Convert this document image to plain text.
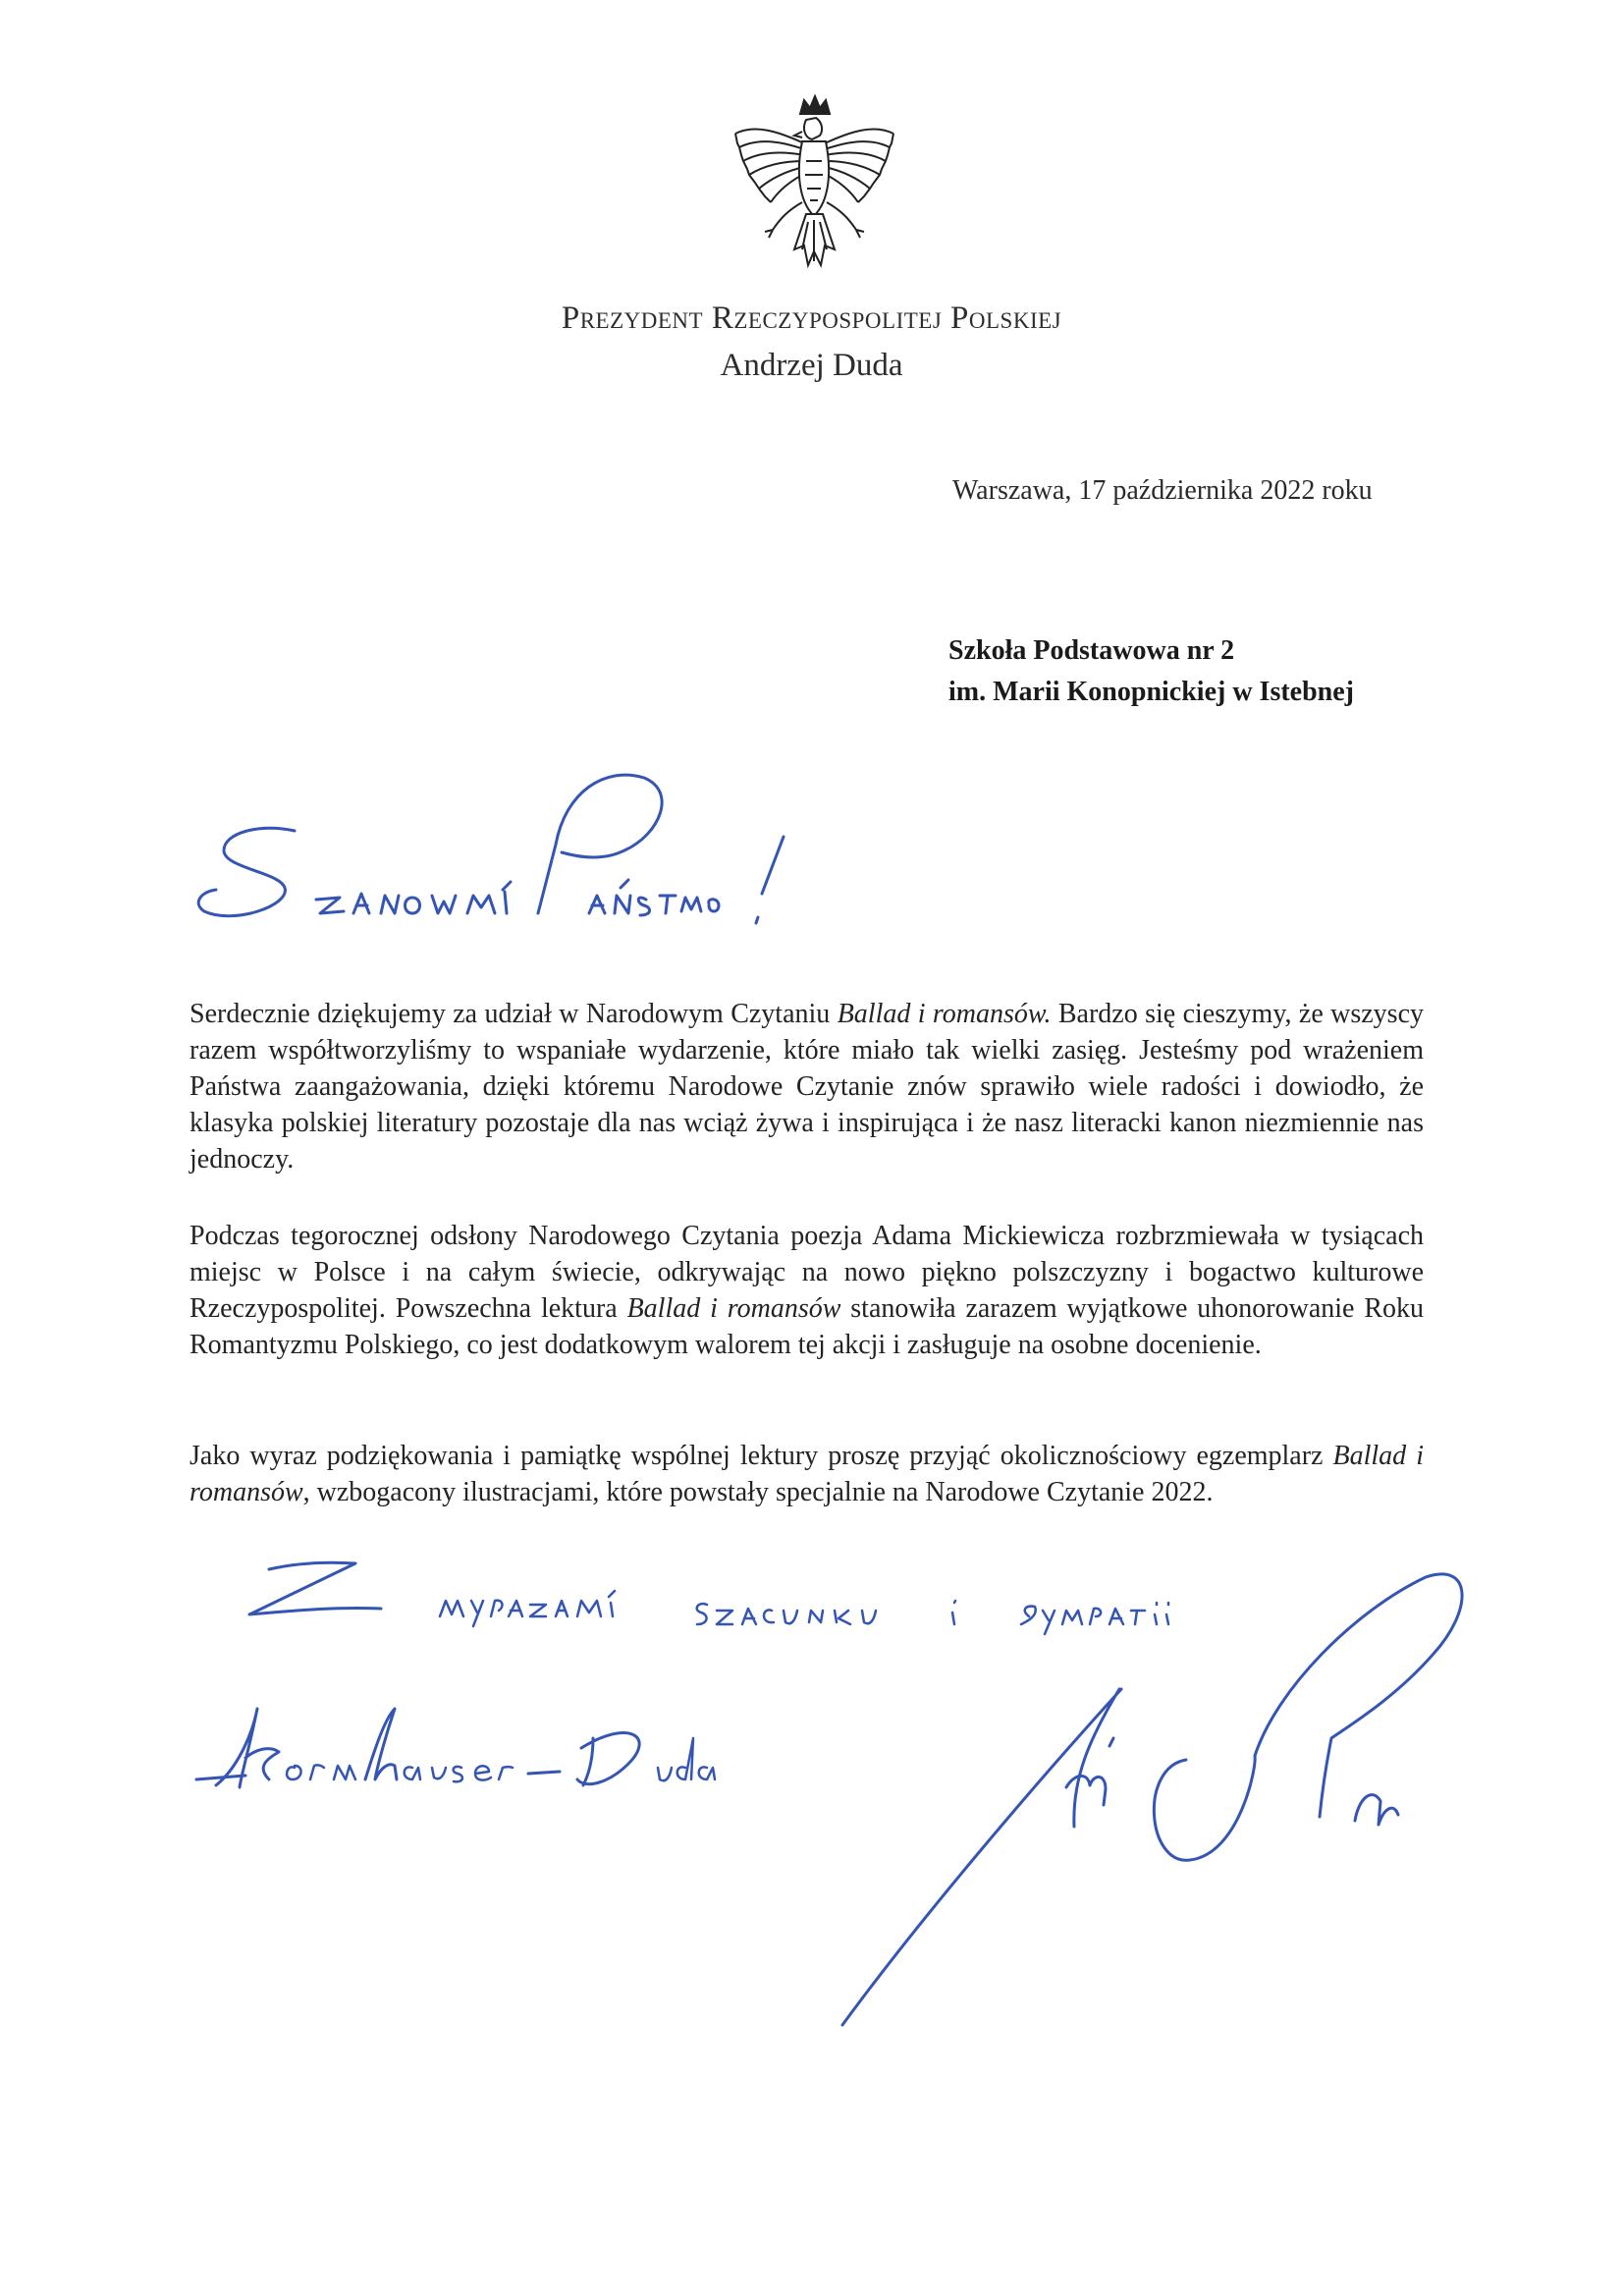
Prezydent Rzeczypospolitej Polskiej
Andrzej Duda
Warszawa, 17 października 2022 roku
Szkoła Podstawowa nr 2
im. Marii Konopnickiej w Istebnej

Serdecznie dziękujemy za udział w Narodowym Czytaniu Ballad i romansów. Bardzo się cieszymy, że wszyscy razem współtworzyliśmy to wspaniałe wydarzenie, które miało tak wielki zasięg. Jesteśmy pod wrażeniem Państwa zaangażowania, dzięki któremu Narodowe Czytanie znów sprawiło wiele radości i dowiodło, że klasyka polskiej literatury pozostaje dla nas wciąż żywa i inspirująca i że nasz literacki kanon niezmiennie nas jednoczy.

Podczas tegorocznej odsłony Narodowego Czytania poezja Adama Mickiewicza rozbrzmiewała w tysiącach miejsc w Polsce i na całym świecie, odkrywając na nowo piękno polszczyzny i bogactwo kulturowe Rzeczypospolitej. Powszechna lektura Ballad i romansów stanowiła zarazem wyjątkowe uhonorowanie Roku Romantyzmu Polskiego, co jest dodatkowym walorem tej akcji i zasługuje na osobne docenienie.

Jako wyraz podziękowania i pamiątkę wspólnej lektury proszę przyjąć okolicznościowy egzemplarz Ballad i romansów, wzbogacony ilustracjami, które powstały specjalnie na Narodowe Czytanie 2022.
